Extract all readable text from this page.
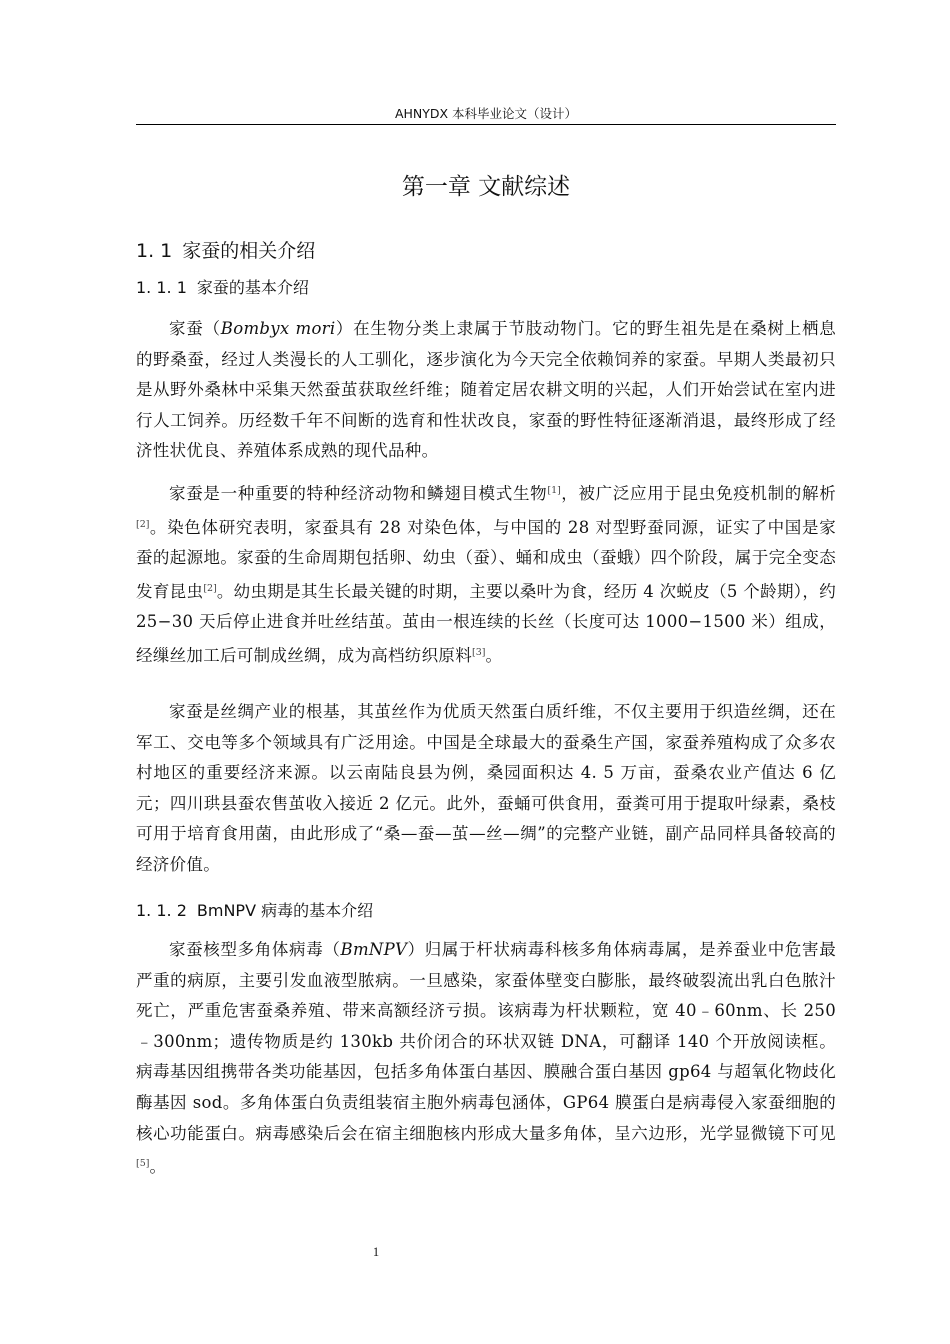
AHNYDX 本科毕业论文（设计）
第一章 文献综述
1. 1 家蚕的相关介绍
1. 1. 1 家蚕的基本介绍

家蚕（Bombyx mori）在生物分类上隶属于节肢动物门。它的野生祖先是在桑树上栖息的野桑蚕，经过人类漫长的人工驯化，逐步演化为今天完全依赖饲养的家蚕。早期人类最初只是从野外桑林中采集天然蚕茧获取丝纤维；随着定居农耕文明的兴起，人们开始尝试在室内进行人工饲养。历经数千年不间断的选育和性状改良，家蚕的野性特征逐渐消退，最终形成了经济性状优良、养殖体系成熟的现代品种。

家蚕是一种重要的特种经济动物和鳞翅目模式生物[1]，被广泛应用于昆虫免疫机制的解析[2]。染色体研究表明，家蚕具有 28 对染色体，与中国的 28 对型野蚕同源，证实了中国是家蚕的起源地。家蚕的生命周期包括卵、幼虫（蚕）、蛹和成虫（蚕蛾）四个阶段，属于完全变态发育昆虫[2]。幼虫期是其生长最关键的时期，主要以桑叶为食，经历 4 次蜕皮（5 个龄期），约 25−30 天后停止进食并吐丝结茧。茧由一根连续的长丝（长度可达 1000−1500 米）组成，经缫丝加工后可制成丝绸，成为高档纺织原料[3]。

家蚕是丝绸产业的根基，其茧丝作为优质天然蛋白质纤维，不仅主要用于织造丝绸，还在军工、交电等多个领域具有广泛用途。中国是全球最大的蚕桑生产国，家蚕养殖构成了众多农村地区的重要经济来源。以云南陆良县为例，桑园面积达 4. 5 万亩，蚕桑农业产值达 6 亿元；四川珙县蚕农售茧收入接近 2 亿元。此外，蚕蛹可供食用，蚕粪可用于提取叶绿素，桑枝可用于培育食用菌，由此形成了“桑—蚕—茧—丝—绸”的完整产业链，副产品同样具备较高的经济价值。

1. 1. 2 BmNPV 病毒的基本介绍

家蚕核型多角体病毒（BmNPV）归属于杆状病毒科核多角体病毒属，是养蚕业中危害最严重的病原，主要引发血液型脓病。一旦感染，家蚕体壁变白膨胀，最终破裂流出乳白色脓汁死亡，严重危害蚕桑养殖、带来高额经济亏损。该病毒为杆状颗粒，宽 40﹣60nm、长 250﹣300nm；遗传物质是约 130kb 共价闭合的环状双链 DNA，可翻译 140 个开放阅读框。病毒基因组携带各类功能基因，包括多角体蛋白基因、膜融合蛋白基因 gp64 与超氧化物歧化酶基因 sod。多角体蛋白负责组装宿主胞外病毒包涵体，GP64 膜蛋白是病毒侵入家蚕细胞的核心功能蛋白。病毒感染后会在宿主细胞核内形成大量多角体，呈六边形，光学显微镜下可见[5]。

1
